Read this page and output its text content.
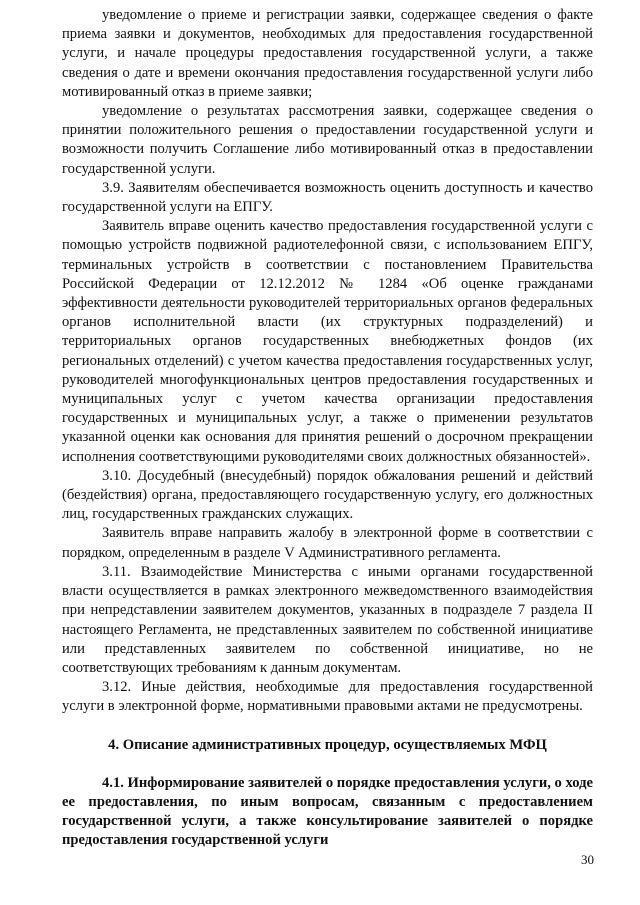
уведомление о приеме и регистрации заявки, содержащее сведения о факте приема заявки и документов, необходимых для предоставления государственной услуги, и начале процедуры предоставления государственной услуги, а также сведения о дате и времени окончания предоставления государственной услуги либо мотивированный отказ в приеме заявки;

уведомление о результатах рассмотрения заявки, содержащее сведения о принятии положительного решения о предоставлении государственной услуги и возможности получить Соглашение либо мотивированный отказ в предоставлении государственной услуги.

3.9. Заявителям обеспечивается возможность оценить доступность и качество государственной услуги на ЕПГУ.

Заявитель вправе оценить качество предоставления государственной услуги с помощью устройств подвижной радиотелефонной связи, с использованием ЕПГУ, терминальных устройств в соответствии с постановлением Правительства Российской Федерации от 12.12.2012 № 1284 «Об оценке гражданами эффективности деятельности руководителей территориальных органов федеральных органов исполнительной власти (их структурных подразделений) и территориальных органов государственных внебюджетных фондов (их региональных отделений) с учетом качества предоставления государственных услуг, руководителей многофункциональных центров предоставления государственных и муниципальных услуг с учетом качества организации предоставления государственных и муниципальных услуг, а также о применении результатов указанной оценки как основания для принятия решений о досрочном прекращении исполнения соответствующими руководителями своих должностных обязанностей».

3.10. Досудебный (внесудебный) порядок обжалования решений и действий (бездействия) органа, предоставляющего государственную услугу, его должностных лиц, государственных гражданских служащих.

Заявитель вправе направить жалобу в электронной форме в соответствии с порядком, определенным в разделе V Административного регламента.

3.11. Взаимодействие Министерства с иными органами государственной власти осуществляется в рамках электронного межведомственного взаимодействия при непредставлении заявителем документов, указанных в подразделе 7 раздела II настоящего Регламента, не представленных заявителем по собственной инициативе или представленных заявителем по собственной инициативе, но не соответствующих требованиям к данным документам.

3.12. Иные действия, необходимые для предоставления государственной услуги в электронной форме, нормативными правовыми актами не предусмотрены.

4. Описание административных процедур, осуществляемых МФЦ
4.1. Информирование заявителей о порядке предоставления услуги, о ходе ее предоставления, по иным вопросам, связанным с предоставлением государственной услуги, а также консультирование заявителей о порядке предоставления государственной услуги
30
